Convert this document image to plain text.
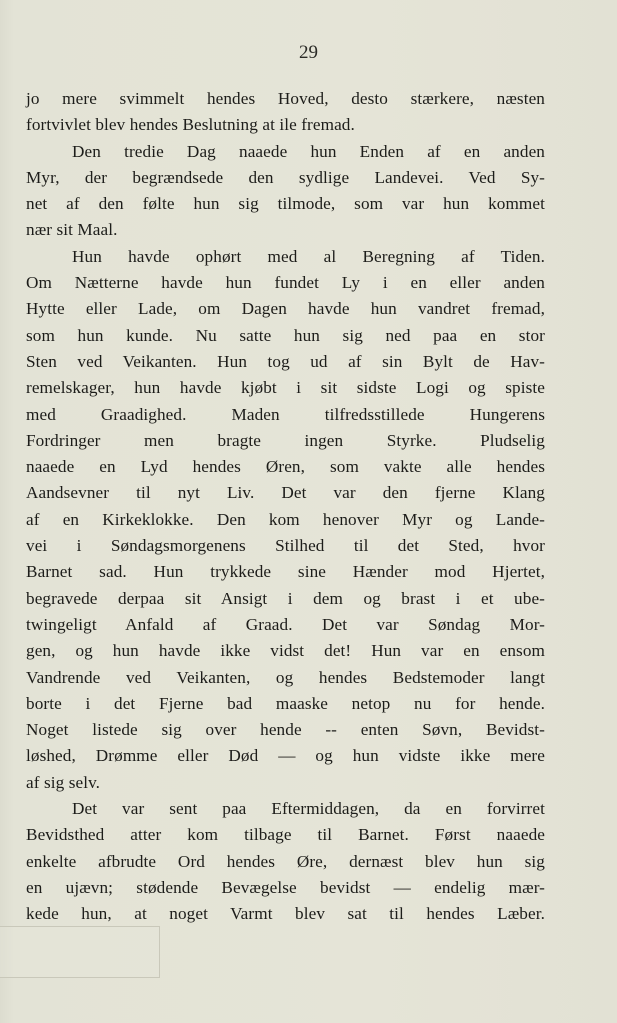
29
jo mere svimmelt hendes Hoved, desto stærkere, næsten
fortvivlet blev hendes Beslutning at ile fremad.
Den tredie Dag naaede hun Enden af en anden
Myr, der begrændsede den sydlige Landevei. Ved Sy-
net af den følte hun sig tilmode, som var hun kommet
nær sit Maal.
Hun havde ophørt med al Beregning af Tiden.
Om Nætterne havde hun fundet Ly i en eller anden
Hytte eller Lade, om Dagen havde hun vandret fremad,
som hun kunde. Nu satte hun sig ned paa en stor
Sten ved Veikanten. Hun tog ud af sin Bylt de Hav-
remelskager, hun havde kjøbt i sit sidste Logi og spiste
med Graadighed. Maden tilfredsstillede Hungerens
Fordringer men bragte ingen Styrke. Pludselig
naaede en Lyd hendes Øren, som vakte alle hendes
Aandsevner til nyt Liv. Det var den fjerne Klang
af en Kirkeklokke. Den kom henover Myr og Lande-
vei i Søndagsmorgenens Stilhed til det Sted, hvor
Barnet sad. Hun trykkede sine Hænder mod Hjertet,
begravede derpaa sit Ansigt i dem og brast i et ube-
twingeligt Anfald af Graad. Det var Søndag Mor-
gen, og hun havde ikke vidst det! Hun var en ensom
Vandrende ved Veikanten, og hendes Bedstemoder langt
borte i det Fjerne bad maaske netop nu for hende.
Noget listede sig over hende -- enten Søvn, Bevidst-
løshed, Drømme eller Død — og hun vidste ikke mere
af sig selv.
Det var sent paa Eftermiddagen, da en forvirret
Bevidsthed atter kom tilbage til Barnet. Først naaede
enkelte afbrudte Ord hendes Øre, dernæst blev hun sig
en ujævn; stødende Bevægelse bevidst — endelig mær-
kede hun, at noget Varmt blev sat til hendes Læber.
